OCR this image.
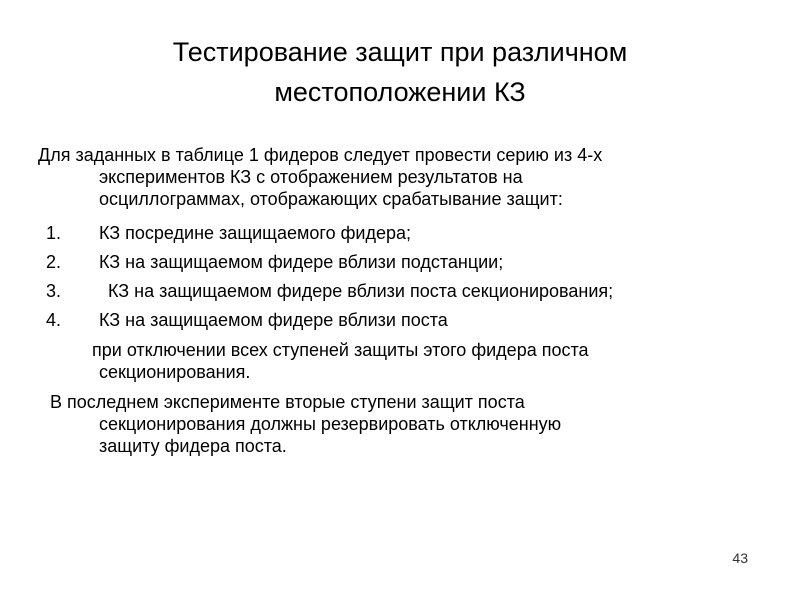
Тестирование защит при различном
местоположении КЗ

Для заданных в таблице 1 фидеров следует провести серию из 4-х
экспериментов КЗ с отображением результатов на
осциллограммах, отображающих срабатывание защит:

1. КЗ посредине защищаемого фидера;
2. КЗ на защищаемом фидере вблизи подстанции;
3.	КЗ на защищаемом фидере вблизи поста секционирования;
4. КЗ на защищаемом фидере вблизи поста

при отключении всех ступеней защиты этого фидера поста
секционирования.

В последнем эксперименте вторые ступени защит поста
секционирования должны резервировать отключенную
защиту фидера поста.

43
